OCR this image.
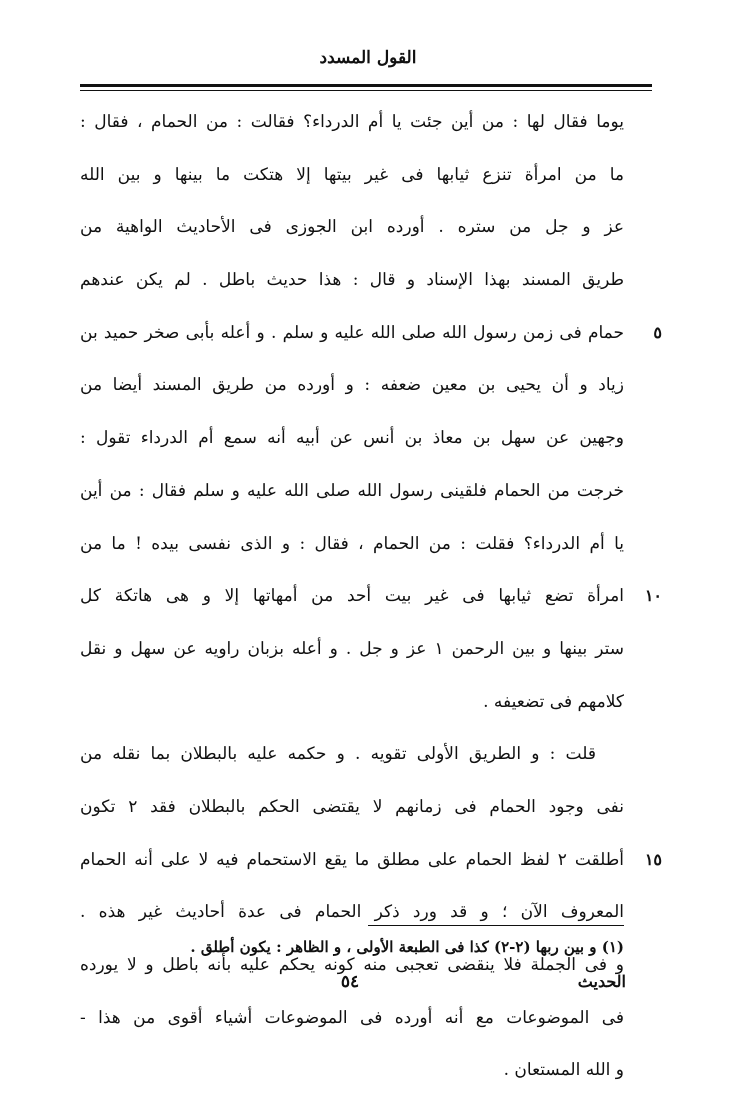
القول المسدد
يوما فقال لها : من أين جئت يا أم الدرداء؟ فقالت : من الحمام ، فقال :
ما من امرأة تنزع ثيابها فى غير بيتها إلا هتكت ما بينها و بين الله
عز و جل من ستره . أورده ابن الجوزى فى الأحاديث الواهية من
طريق المسند بهذا الإسناد و قال : هذا حديث باطل . لم يكن عندهم
حمام فى زمن رسول الله صلى الله عليه و سلم . و أعله بأبى صخر حميد بن	٥
زياد و أن يحيى بن معين ضعفه : و أورده من طريق المسند أيضا من
وجهين عن سهل بن معاذ بن أنس عن أبيه أنه سمع أم الدرداء تقول :
خرجت من الحمام فلقينى رسول الله صلى الله عليه و سلم فقال : من أين
يا أم الدرداء؟ فقلت : من الحمام ، فقال : و الذى نفسى بيده ! ما من
امرأة تضع ثيابها فى غير بيت أحد من أمهاتها إلا و هى هاتكة كل	١٠
ستر بينها و بين الرحمن ١ عز و جل . و أعله بزبان راويه عن سهل و نقل
كلامهم فى تضعيفه .
قلت : و الطريق الأولى تقويه . و حكمه عليه بالبطلان بما نقله من
نفى وجود الحمام فى زمانهم لا يقتضى الحكم بالبطلان فقد ٢ تكون
أطلقت ٢ لفظ الحمام على مطلق ما يقع الاستحمام فيه لا على أنه الحمام	١٥
المعروف الآن ؛ و قد ورد ذكر الحمام فى عدة أحاديث غير هذه .
و فى الجملة فلا ينقضى تعجبى منه كونه يحكم عليه بأنه باطل و لا يورده
فى الموضوعات مع أنه أورده فى الموضوعات أشياء أقوى من هذا -
و الله المستعان .
(١) و بين ربها (٢-٢) كذا فى الطبعة الأولى ، و الظاهر : يكون أطلق .
٥٤	الحديث
